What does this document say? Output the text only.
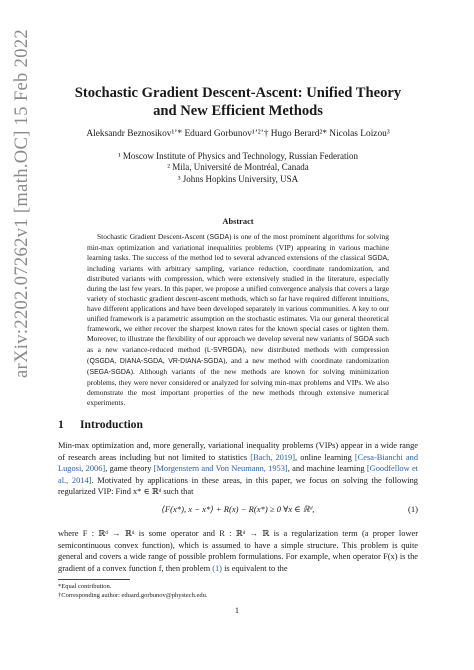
arXiv:2202.07262v1 [math.OC] 15 Feb 2022	Stochastic Gradient Descent-Ascent: Unified Theory
and New Efficient Methods
Aleksandr Beznosikov¹ʼ* Eduard Gorbunov¹ʼ²ʼ† Hugo Berard²* Nicolas Loizou³
¹ Moscow Institute of Physics and Technology, Russian Federation
² Mila, Université de Montréal, Canada
³ Johns Hopkins University, USA
Abstract
Stochastic Gradient Descent-Ascent (SGDA) is one of the most prominent algorithms for solving min-max optimization and variational inequalities problems (VIP) appearing in various machine learning tasks. The success of the method led to several advanced extensions of the classical SGDA, including variants with arbitrary sampling, variance reduction, coordinate randomization, and distributed variants with compression, which were extensively studied in the literature, especially during the last few years. In this paper, we propose a unified convergence analysis that covers a large variety of stochastic gradient descent-ascent methods, which so far have required different intuitions, have different applications and have been developed separately in various communities. A key to our unified framework is a parametric assumption on the stochastic estimates. Via our general theoretical framework, we either recover the sharpest known rates for the known special cases or tighten them. Moreover, to illustrate the flexibility of our approach we develop several new variants of SGDA such as a new variance-reduced method (L-SVRGDA), new distributed methods with compression (QSGDA, DIANA-SGDA, VR-DIANA-SGDA), and a new method with coordinate randomization (SEGA-SGDA). Although variants of the new methods are known for solving minimization problems, they were never considered or analyzed for solving min-max problems and VIPs. We also demonstrate the most important properties of the new methods through extensive numerical experiments.
1 Introduction
Min-max optimization and, more generally, variational inequality problems (VIPs) appear in a wide range of research areas including but not limited to statistics [Bach, 2019], online learning [Cesa-Bianchi and Lugosi, 2006], game theory [Morgenstern and Von Neumann, 1953], and machine learning [Goodfellow et al., 2014]. Motivated by applications in these areas, in this paper, we focus on solving the following regularized VIP: Find x* ∈ ℝᵈ such that
⟨F(x*), x − x*⟩ + R(x) − R(x*) ≥ 0 ∀x ∈ ℝᵈ,	(1)
where F : ℝᵈ → ℝᵈ is some operator and R : ℝᵈ → ℝ is a regularization term (a proper lower semicontinuous convex function), which is assumed to have a simple structure. This problem is quite general and covers a wide range of possible problem formulations. For example, when operator F(x) is the gradient of a convex function f, then problem (1) is equivalent to the
*Equal contribution.
†Corresponding author: eduard.gorbunov@phystech.edu.
1
